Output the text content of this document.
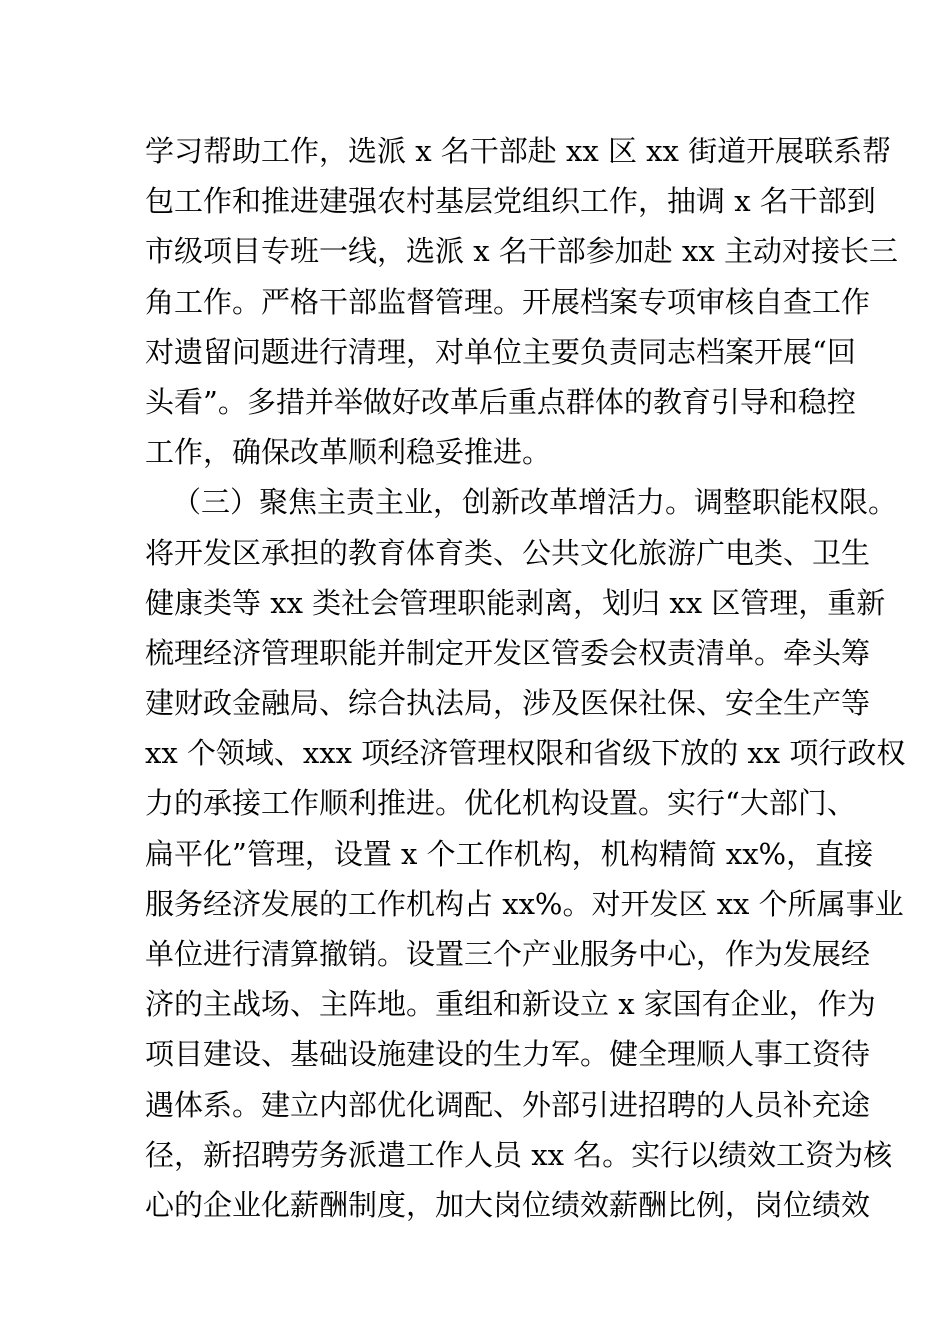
学习帮助工作，选派 x 名干部赴 xx 区 xx 街道开展联系帮
包工作和推进建强农村基层党组织工作，抽调 x 名干部到
市级项目专班一线，选派 x 名干部参加赴 xx 主动对接长三
角工作。严格干部监督管理。开展档案专项审核自查工作
对遗留问题进行清理，对单位主要负责同志档案开展“回
头看”。多措并举做好改革后重点群体的教育引导和稳控
工作，确保改革顺利稳妥推进。
（三）聚焦主责主业，创新改革增活力。调整职能权限。
将开发区承担的教育体育类、公共文化旅游广电类、卫生
健康类等 xx 类社会管理职能剥离，划归 xx 区管理，重新
梳理经济管理职能并制定开发区管委会权责清单。牵头筹
建财政金融局、综合执法局，涉及医保社保、安全生产等
xx 个领域、xxx 项经济管理权限和省级下放的 xx 项行政权
力的承接工作顺利推进。优化机构设置。实行“大部门、
扁平化”管理，设置 x 个工作机构，机构精简 xx%，直接
服务经济发展的工作机构占 xx%。对开发区 xx 个所属事业
单位进行清算撤销。设置三个产业服务中心，作为发展经
济的主战场、主阵地。重组和新设立 x 家国有企业，作为
项目建设、基础设施建设的生力军。健全理顺人事工资待
遇体系。建立内部优化调配、外部引进招聘的人员补充途
径，新招聘劳务派遣工作人员 xx 名。实行以绩效工资为核
心的企业化薪酬制度，加大岗位绩效薪酬比例，岗位绩效
